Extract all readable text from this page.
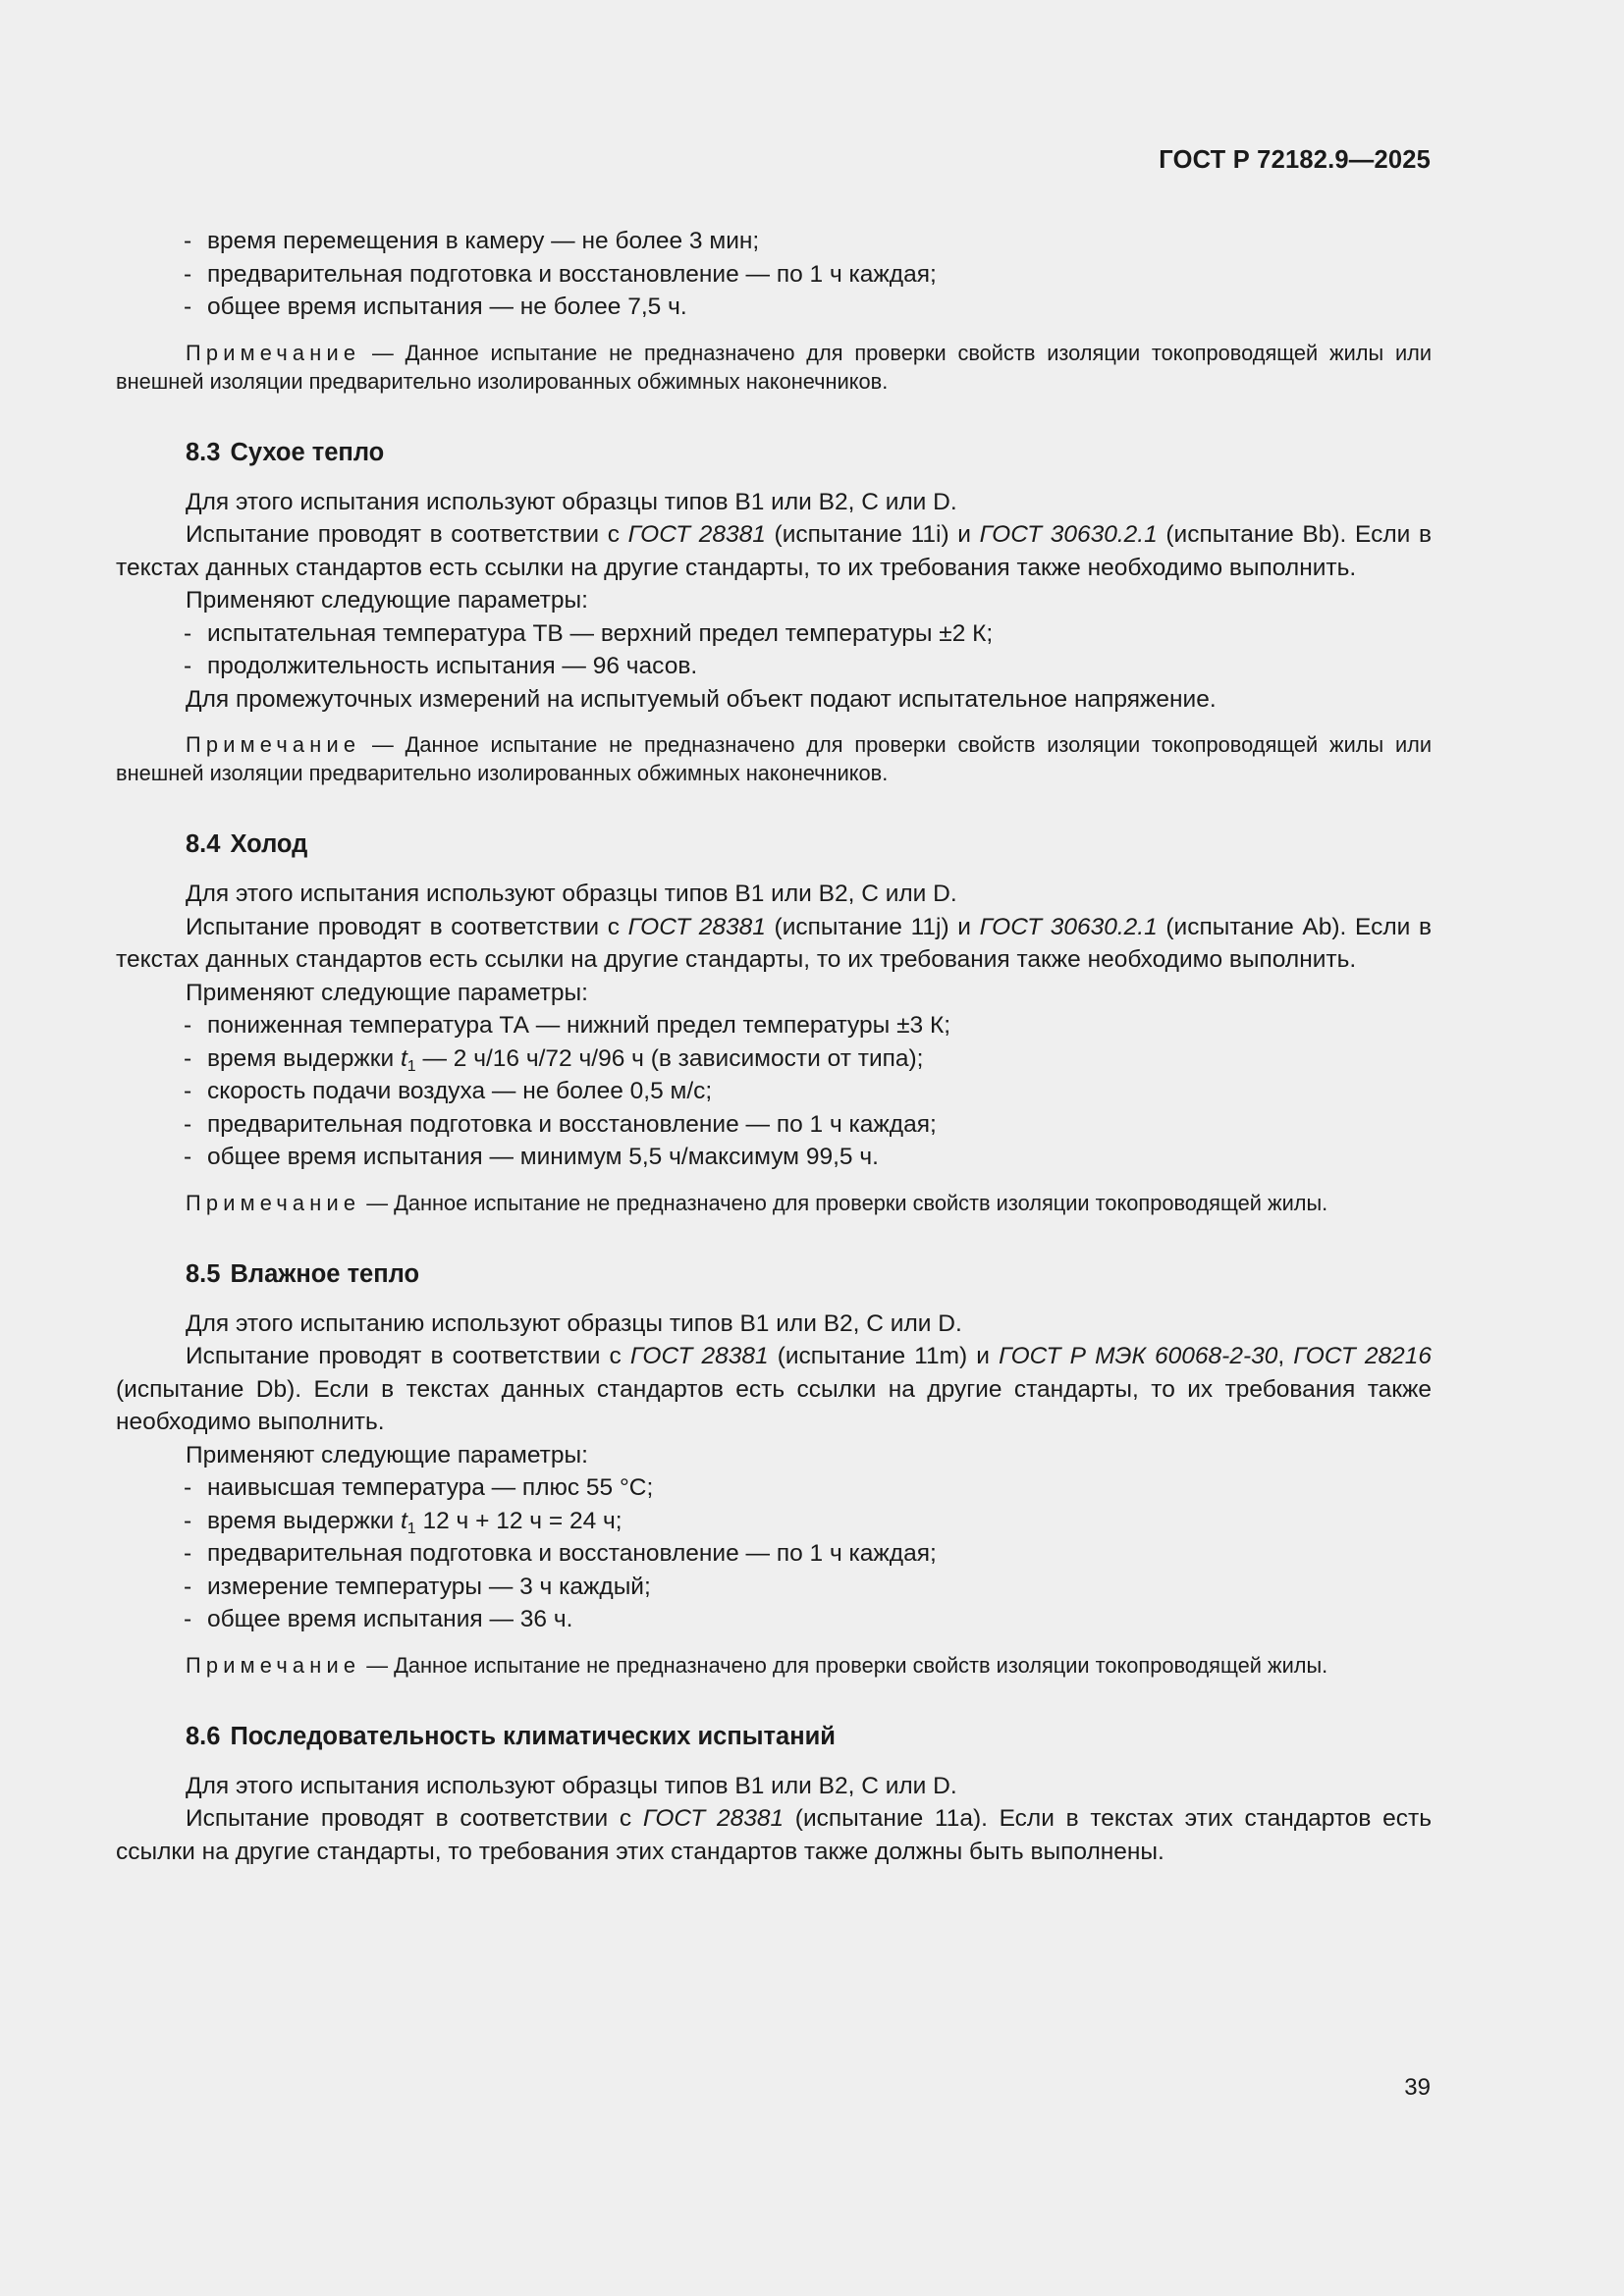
ГОСТ Р 72182.9—2025
- время перемещения в камеру — не более 3 мин;
- предварительная подготовка и восстановление — по 1 ч каждая;
- общее время испытания — не более 7,5 ч.

Примечание — Данное испытание не предназначено для проверки свойств изоляции токопроводящей жилы или внешней изоляции предварительно изолированных обжимных наконечников.

8.3 Сухое тепло

Для этого испытания используют образцы типов В1 или В2, С или D.

Испытание проводят в соответствии с ГОСТ 28381 (испытание 11i) и ГОСТ 30630.2.1 (испытание Bb). Если в текстах данных стандартов есть ссылки на другие стандарты, то их требования также необходимо выполнить.

Применяют следующие параметры:

- испытательная температура ТВ — верхний предел температуры ±2 К;
- продолжительность испытания — 96 часов.

Для промежуточных измерений на испытуемый объект подают испытательное напряжение.

Примечание — Данное испытание не предназначено для проверки свойств изоляции токопроводящей жилы или внешней изоляции предварительно изолированных обжимных наконечников.

8.4 Холод

Для этого испытания используют образцы типов В1 или В2, С или D.

Испытание проводят в соответствии с ГОСТ 28381 (испытание 11j) и ГОСТ 30630.2.1 (испытание Ab). Если в текстах данных стандартов есть ссылки на другие стандарты, то их требования также необходимо выполнить.

Применяют следующие параметры:

- пониженная температура ТА — нижний предел температуры ±3 К;
- время выдержки $t_1$ — 2 ч/16 ч/72 ч/96 ч (в зависимости от типа);
- скорость подачи воздуха — не более 0,5 м/с;
- предварительная подготовка и восстановление — по 1 ч каждая;
- общее время испытания — минимум 5,5 ч/максимум 99,5 ч.

Примечание — Данное испытание не предназначено для проверки свойств изоляции токопроводящей жилы.

8.5 Влажное тепло

Для этого испытанию используют образцы типов В1 или В2, С или D.

Испытание проводят в соответствии с ГОСТ 28381 (испытание 11m) и ГОСТ Р МЭК 60068-2-30, ГОСТ 28216 (испытание Db). Если в текстах данных стандартов есть ссылки на другие стандарты, то их требования также необходимо выполнить.

Применяют следующие параметры:

- наивысшая температура — плюс 55 °С;
- время выдержки $t_1$ 12 ч + 12 ч = 24 ч;
- предварительная подготовка и восстановление — по 1 ч каждая;
- измерение температуры — 3 ч каждый;
- общее время испытания — 36 ч.

Примечание — Данное испытание не предназначено для проверки свойств изоляции токопроводящей жилы.

8.6 Последовательность климатических испытаний

Для этого испытания используют образцы типов В1 или В2, С или D.

Испытание проводят в соответствии с ГОСТ 28381 (испытание 11а). Если в текстах этих стандартов есть ссылки на другие стандарты, то требования этих стандартов также должны быть выполнены.

39
